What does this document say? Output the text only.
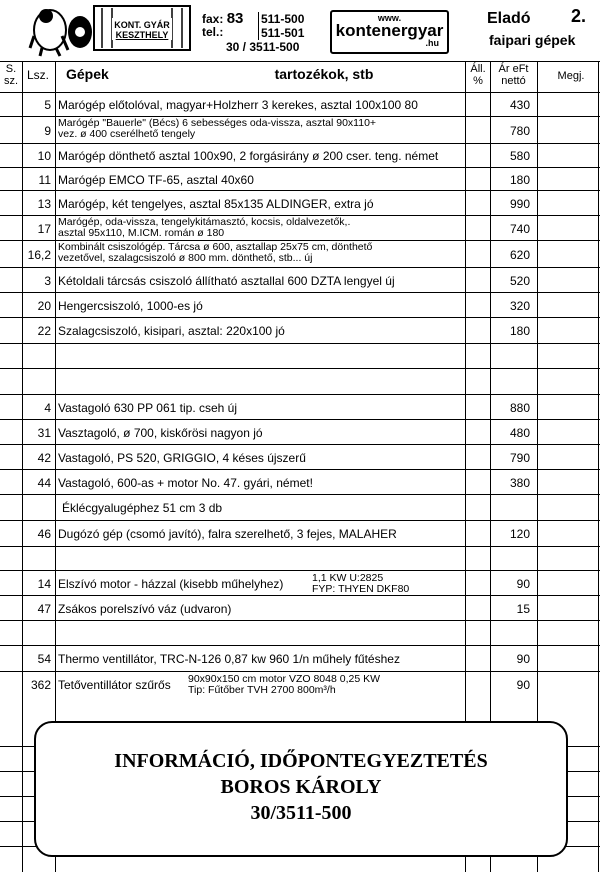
KONT. GYÁR
KESZTHELY
fax: 83
tel.:
511-500
511-501
30 / 3511-500
www.
kontenergyar
.hu
Eladó
faipari gépek
2.
S.
sz. Lsz. Gépek	tartozékok, stb	Áll.
%
Ár eFt
nettó	Megj.
5 Marógép előtolóval, magyar+Holzherr 3 kerekes, asztal 100x100 80	430
9
Marógép "Bauerle" (Bécs) 6 sebességes oda-vissza, asztal 90x110+
vez. ø 400 cserélhető tengely	780
10 Marógép dönthető asztal 100x90, 2 forgásirány ø 200 cser. teng. német	580
11 Marógép EMCO TF-65, asztal 40x60	180
13 Marógép, két tengelyes, asztal 85x135 ALDINGER, extra jó	990
17 Marógép, oda-vissza, tengelykitámasztó, kocsis, oldalvezetők,.
asztal 95x110, M.ICM. román ø 180	740
16,2
Kombinált csiszológép. Tárcsa ø 600, asztallap 25x75 cm, dönthető
vezetővel, szalagcsiszoló ø 800 mm. dönthető, stb... új	620
3 Kétoldali tárcsás csiszoló állítható asztallal 600 DZTA lengyel új	520
20 Hengercsiszoló, 1000-es jó	320
22 Szalagcsiszoló, kisipari, asztal: 220x100 jó	180
4 Vastagoló 630 PP 061 tip. cseh új	880
31 Vasztagoló, ø 700, kiskőrösi nagyon jó	480
42 Vastagoló, PS 520, GRIGGIO, 4 késes újszerű	790
44 Vastagoló, 600-as + motor No. 47. gyári, német!	380
Éklécgyalugéphez 51 cm 3 db
46 Dugózó gép (csomó javító), falra szerelhető, 3 fejes, MALAHER	120
14 Elszívó motor - házzal (kisebb műhelyhez)	1,1 KW U:2825
FYP: THYEN DKF80	90
47 Zsákos porelszívó váz (udvaron)	15
54 Thermo ventillátor, TRC-N-126 0,87 kw 960 1/n műhely fűtéshez	90
362 Tetőventillátor szűrős	90x90x150 cm motor VZO 8048 0,25 KW
Tip: Fűtőber TVH 2700 800m³/h	90
INFORMÁCIÓ, IDŐPONTEGYEZTETÉS
BOROS KÁROLY
30/3511-500
